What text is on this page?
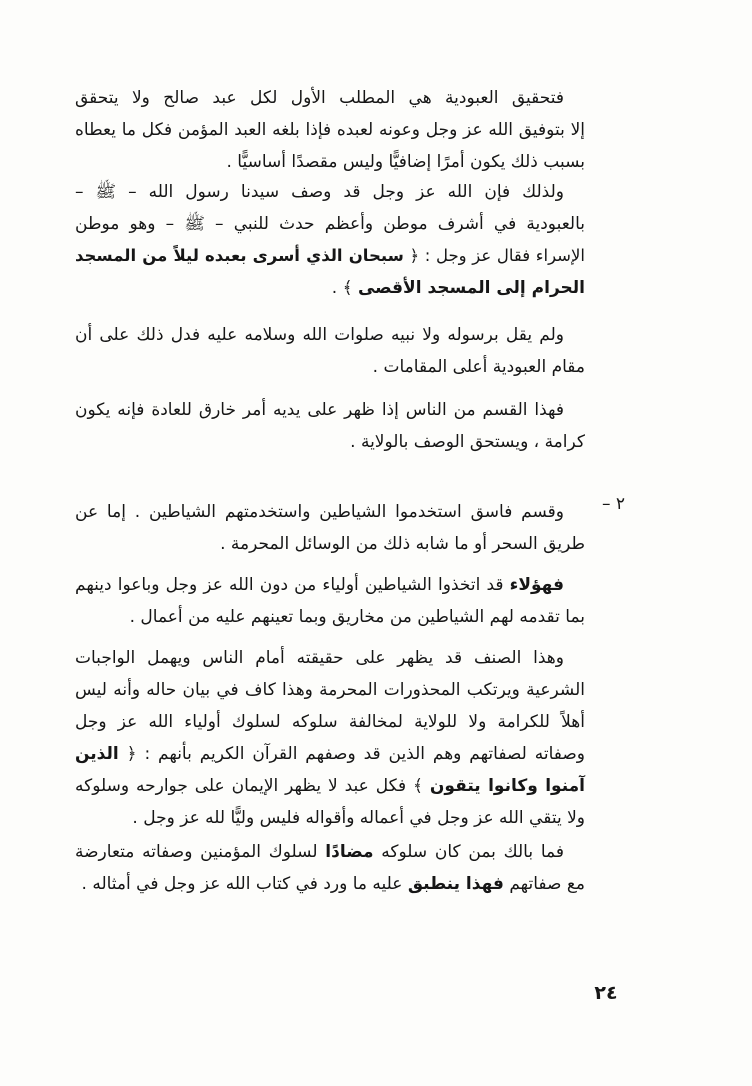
فتحقيق العبودية هي المطلب الأول لكل عبد صالح ولا يتحقق
إلا بتوفيق الله عز وجل وعونه لعبده فإذا بلغه العبد المؤمن فكل ما يعطاه
بسبب ذلك يكون أمرًا إضافيًّا وليس مقصدًا أساسيًّا .
ولذلك فإن الله عز وجل قد وصف سيدنا رسول الله – ﷺ –
بالعبودية في أشرف موطن وأعظم حدث للنبي – ﷺ – وهو موطن
الإسراء فقال عز وجل : ﴿ سبحان الذي أسرى بعبده ليلاً من المسجد
الحرام إلى المسجد الأقصى ﴾ .
ولم يقل برسوله ولا نبيه صلوات الله وسلامه عليه فدل ذلك على أن
مقام العبودية أعلى المقامات .
فهذا القسم من الناس إذا ظهر على يديه أمر خارق للعادة فإنه يكون
كرامة ، ويستحق الوصف بالولاية .
٢ –
وقسم فاسق استخدموا الشياطين واستخدمتهم الشياطين . إما عن
طريق السحر أو ما شابه ذلك من الوسائل المحرمة .
فهؤلاء قد اتخذوا الشياطين أولياء من دون الله عز وجل وباعوا دينهم
بما تقدمه لهم الشياطين من مخاريق وبما تعينهم عليه من أعمال .
وهذا الصنف قد يظهر على حقيقته أمام الناس ويهمل الواجبات
الشرعية ويرتكب المحذورات المحرمة وهذا كاف في بيان حاله وأنه ليس
أهلاً للكرامة ولا للولاية لمخالفة سلوكه لسلوك أولياء الله عز وجل
وصفاته لصفاتهم وهم الذين قد وصفهم القرآن الكريم بأنهم : ﴿ الذين
آمنوا وكانوا يتقون ﴾ فكل عبد لا يظهر الإيمان على جوارحه وسلوكه
ولا يتقي الله عز وجل في أعماله وأقواله فليس وليًّا لله عز وجل .
فما بالك بمن كان سلوكه مضادًا لسلوك المؤمنين وصفاته متعارضة
مع صفاتهم فهذا ينطبق عليه ما ورد في كتاب الله عز وجل في أمثاله .
٢٤
